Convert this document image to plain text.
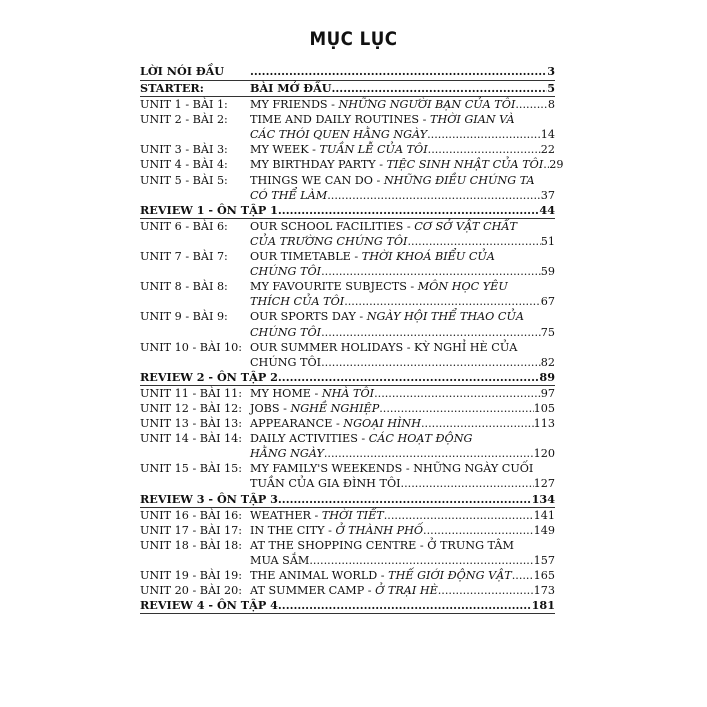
MỤC LỤC
LỜI NÓI ĐẦU .....	3
STARTER:	BÀI MỞ ĐẦU .....	5
UNIT 1 - BÀI 1:	MY FRIENDS - NHỮNG NGƯỜI BẠN CỦA TÔI .....	8
UNIT 2 - BÀI 2:	TIME AND DAILY ROUTINES - THỜI GIAN VÀ
CÁC THÓI QUEN HẰNG NGÀY .....	14
UNIT 3 - BÀI 3:	MY WEEK - TUẦN LỄ CỦA TÔI .....	22
UNIT 4 - BÀI 4:	MY BIRTHDAY PARTY - TIỆC SINH NHẬT CỦA TÔI ..... 29
UNIT 5 - BÀI 5:	THINGS WE CAN DO - NHỮNG ĐIỀU CHÚNG TA
CÓ THỂ LÀM .....	37
REVIEW 1 - ÔN TẬP 1 .....	44
UNIT 6 - BÀI 6:	OUR SCHOOL FACILITIES - CƠ SỞ VẬT CHẤT
CỦA TRƯỜNG CHÚNG TÔI .....	51
UNIT 7 - BÀI 7:	OUR TIMETABLE - THỜI KHOÁ BIỂU CỦA
CHÚNG TÔI .....	59
UNIT 8 - BÀI 8:	MY FAVOURITE SUBJECTS - MÔN HỌC YÊU
THÍCH CỦA TÔI .....	67
UNIT 9 - BÀI 9:	OUR SPORTS DAY - NGÀY HỘI THỂ THAO CỦA
CHÚNG TÔI .....	75
UNIT 10 - BÀI 10: OUR SUMMER HOLIDAYS - KỲ NGHỈ HÈ CỦA
CHÚNG TÔI .....	82
REVIEW 2 - ÔN TẬP 2 .....	89
UNIT 11 - BÀI 11: MY HOME - NHÀ TÔI .....	97
UNIT 12 - BÀI 12: JOBS - NGHỀ NGHIỆP .....	105
UNIT 13 - BÀI 13: APPEARANCE - NGOẠI HÌNH .....	113
UNIT 14 - BÀI 14: DAILY ACTIVITIES - CÁC HOẠT ĐỘNG
HẰNG NGÀY .....	120
UNIT 15 - BÀI 15: MY FAMILY'S WEEKENDS - NHỮNG NGÀY CUỐI
TUẦN CỦA GIA ĐÌNH TÔI .....	127
REVIEW 3 - ÔN TẬP 3 .....	134
UNIT 16 - BÀI 16: WEATHER - THỜI TIẾT .....	141
UNIT 17 - BÀI 17: IN THE CITY - Ở THÀNH PHỐ .....	149
UNIT 18 - BÀI 18: AT THE SHOPPING CENTRE - Ở TRUNG TÂM
MUA SẮM .....	157
UNIT 19 - BÀI 19: THE ANIMAL WORLD - THẾ GIỚI ĐỘNG VẬT ..... 165
UNIT 20 - BÀI 20: AT SUMMER CAMP - Ở TRẠI HÈ .....	173
REVIEW 4 - ÔN TẬP 4 .....	181
